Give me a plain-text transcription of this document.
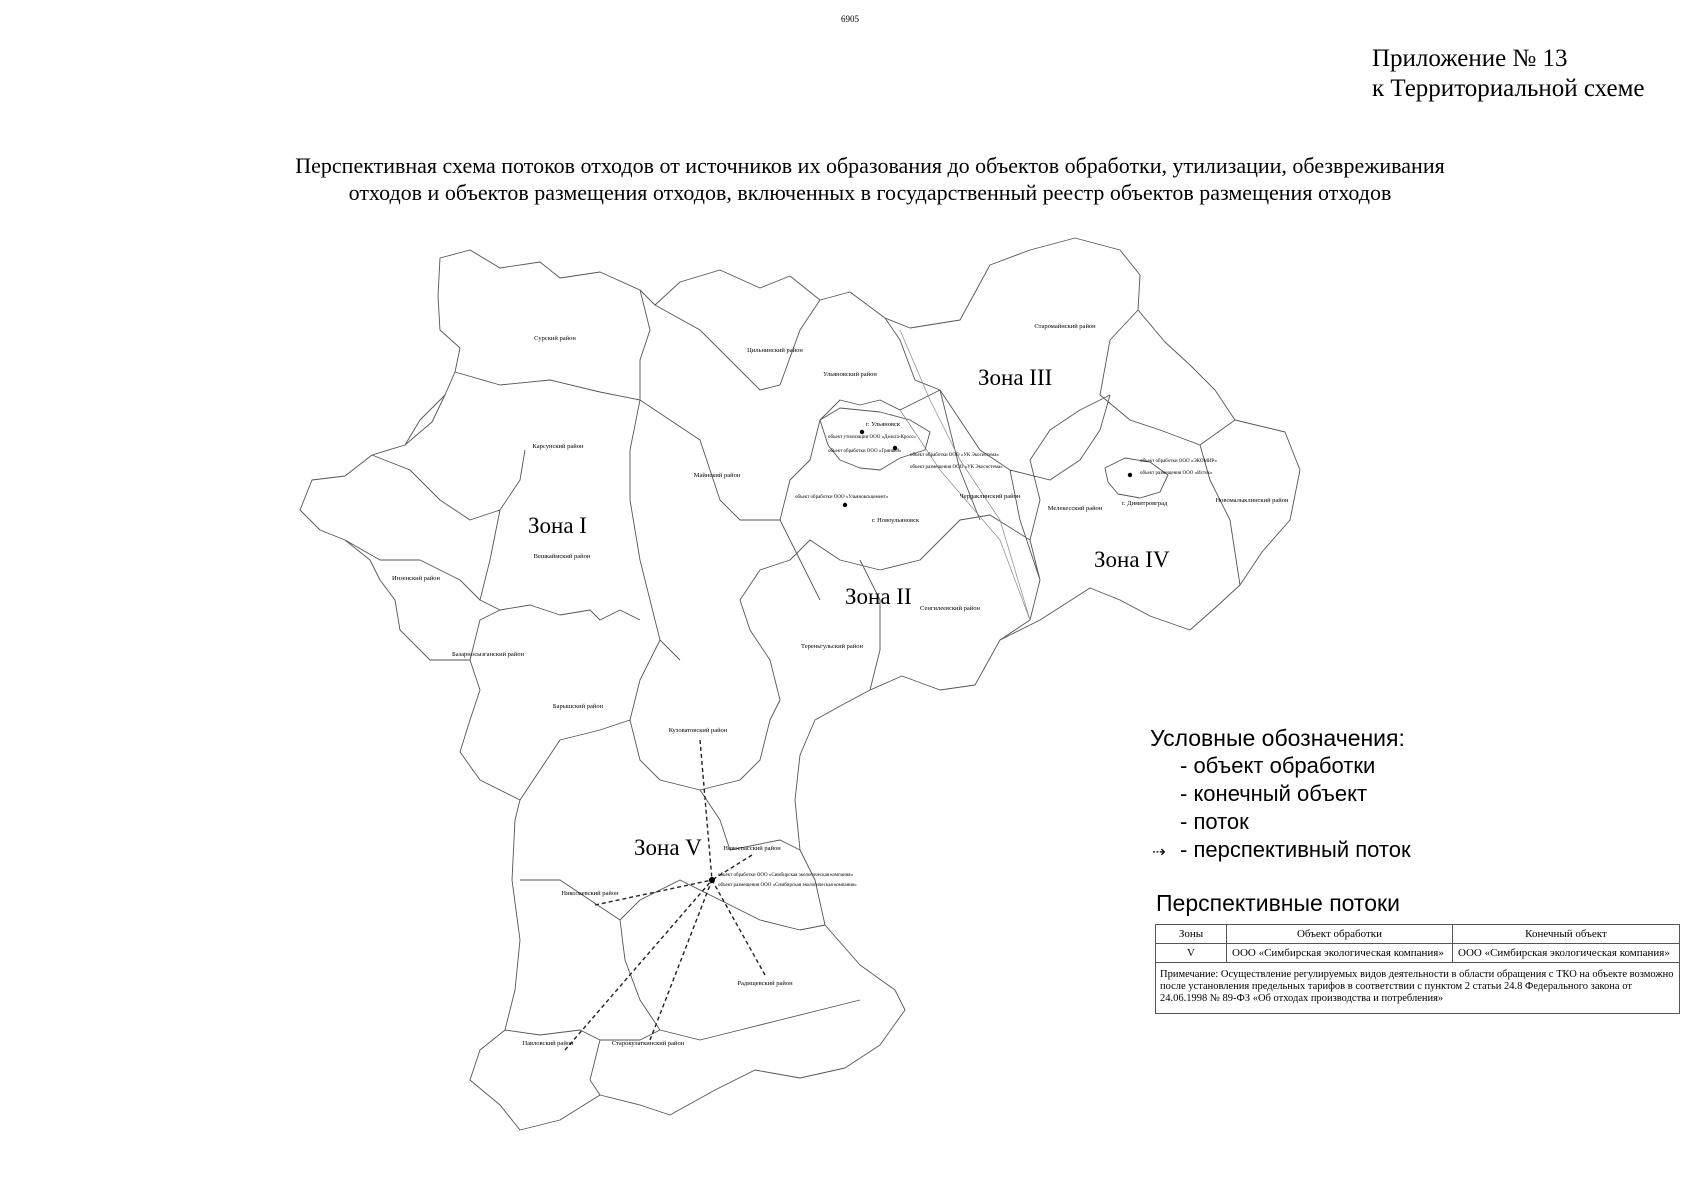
6905
Приложение № 13
к Территориальной схеме
Перспективная схема потоков отходов от источников их образования до объектов обработки, утилизации, обезвреживания
отходов и объектов размещения отходов, включенных в государственный реестр объектов размещения отходов
Сурский район
Цильнинский район
Старомайнский район
Ульяновский район
Карсунский район
Майнский район
Инзенский район
Вешкаймский район
Чердаклинский район
Мелекесский район
Новомалыклинский район
Сенгилеевский район
Тереньгульский район
Базарносызганский район
Барышский район
Кузоватовский район
Николаевский район
Новоспасский район
Радищевский район
Павловский район	Старокулаткинский район
г. Ульяновск
г. Новоульяновск
г. Димитровград
объект утилизации ООО «Дельта-Кросс»
объект обработки ООО «Гринвей»
объект обработки ООО «УК Экосистема»
объект размещения ООО «УК Экосистема»
объект обработки ООО «Ульяновскцемент»
объект обработки ООО «ЭКОМИР»
объект размещения ООО «Исток»
объект обработки ООО «Симбирская экологическая компания»
объект размещения ООО «Симбирская экологическая компания»
Зона I
Зона II
Зона III
Зона IV
Зона V
Условные обозначения:
- объект обработки
- конечный объект
- поток
⇢ - перспективный поток
Перспективные потоки
Зоны	Объект обработки	Конечный объект
V	ООО «Симбирская экологическая компания»	ООО «Симбирская экологическая компания»
Примечание: Осуществление регулируемых видов деятельности в области обращения с ТКО на объекте возможно после установления предельных тарифов в соответствии с пунктом 2 статьи 24.8 Федерального закона от 24.06.1998 № 89-ФЗ «Об отходах производства и потребления»		
